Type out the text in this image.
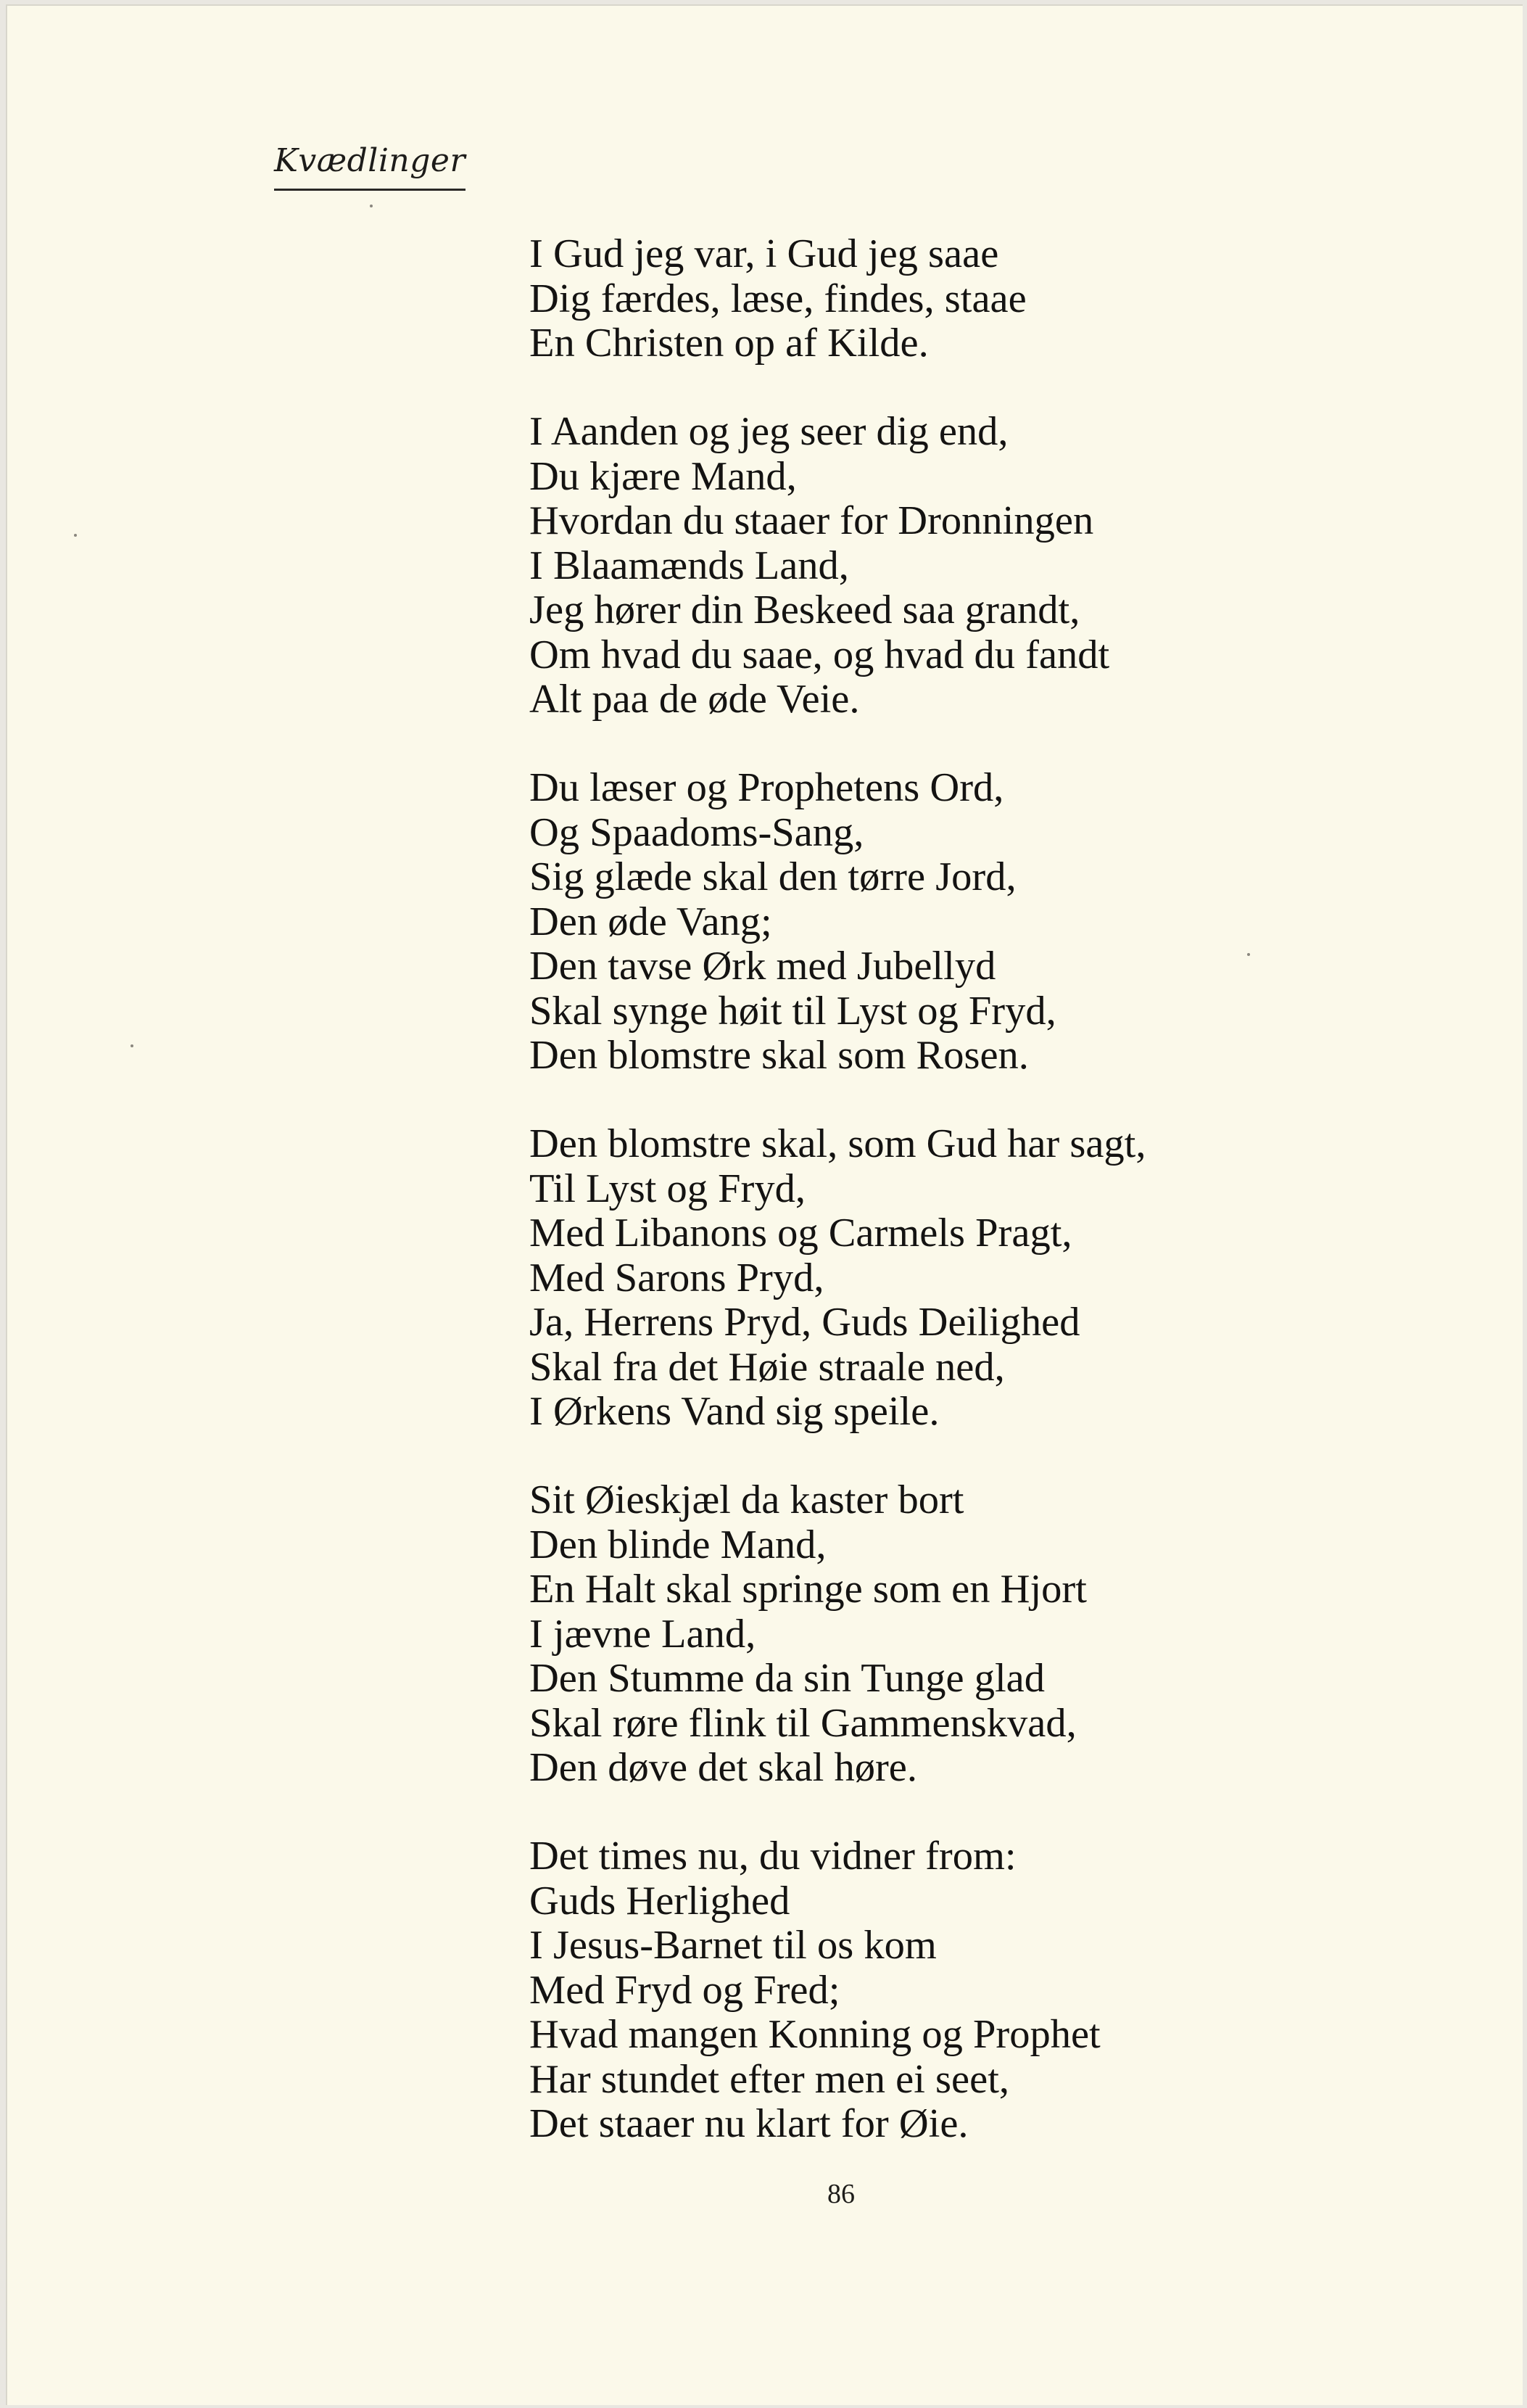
Kvædlinger
I Gud jeg var, i Gud jeg saae
Dig færdes, læse, findes, staae
En Christen op af Kilde.
I Aanden og jeg seer dig end,
Du kjære Mand,
Hvordan du staaer for Dronningen
I Blaamænds Land,
Jeg hører din Beskeed saa grandt,
Om hvad du saae, og hvad du fandt
Alt paa de øde Veie.
Du læser og Prophetens Ord,
Og Spaadoms-Sang,
Sig glæde skal den tørre Jord,
Den øde Vang;
Den tavse Ørk med Jubellyd
Skal synge høit til Lyst og Fryd,
Den blomstre skal som Rosen.
Den blomstre skal, som Gud har sagt,
Til Lyst og Fryd,
Med Libanons og Carmels Pragt,
Med Sarons Pryd,
Ja, Herrens Pryd, Guds Deilighed
Skal fra det Høie straale ned,
I Ørkens Vand sig speile.
Sit Øieskjæl da kaster bort
Den blinde Mand,
En Halt skal springe som en Hjort
I jævne Land,
Den Stumme da sin Tunge glad
Skal røre flink til Gammenskvad,
Den døve det skal høre.
Det times nu, du vidner from:
Guds Herlighed
I Jesus-Barnet til os kom
Med Fryd og Fred;
Hvad mangen Konning og Prophet
Har stundet efter men ei seet,
Det staaer nu klart for Øie.
86
